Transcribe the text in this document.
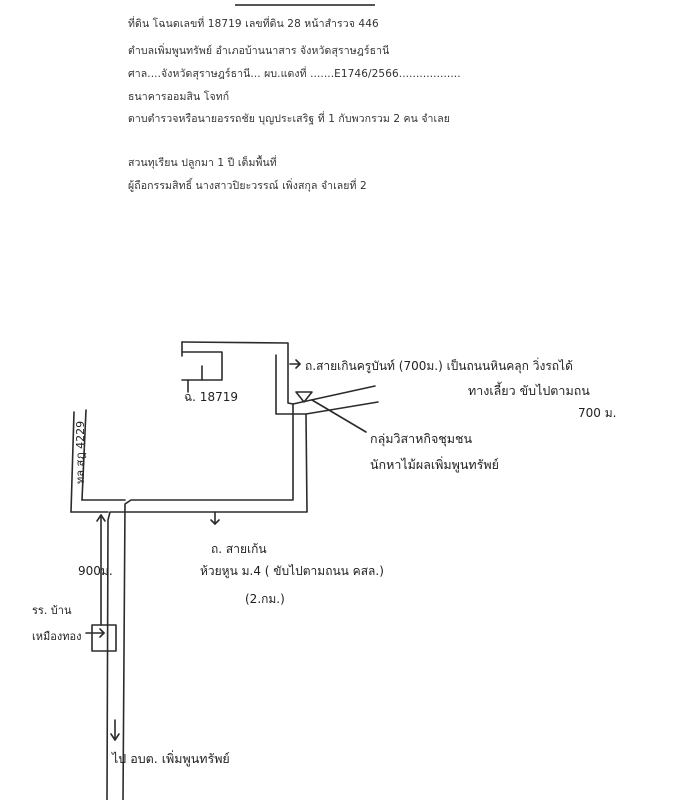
ที่ดิน โฉนดเลขที่ 18719 เลขที่ดิน 28 หน้าสำรวจ 446
ตำบลเพิ่มพูนทรัพย์ อำเภอบ้านนาสาร จังหวัดสุราษฎร์ธานี
ศาล....จังหวัดสุราษฎร์ธานี... ผบ.แดงที่ .......E1746/2566..................
ธนาคารออมสิน โจทก์
ดาบตำรวจหรือนายอรรถชัย บุญประเสริฐ ที่ 1 กับพวกรวม 2 คน จำเลย
สวนทุเรียน ปลูกมา 1 ปี เต็มพื้นที่
ผู้ถือกรรมสิทธิ์ นางสาวปิยะวรรณ์ เพิ่งสกุล จำเลยที่ 2
ฉ. 18719
ถ.สายเกินครูบันท์ (700ม.) เป็นถนนหินคลุก วิ่งรถได้
ทางเลี้ยว ขับไปตามถน
700 ม.
กลุ่มวิสาหกิจชุมชน
นักหาไม้ผลเพิ่มพูนทรัพย์
ทล.สฎ 4229
900ม.
ถ. สายเก้น
ห้วยหูน ม.4 ( ขับไปตามถนน คสล.)
(2.กม.)
รร. บ้าน
เหมืองทอง
ไป อบต. เพิ่มพูนทรัพย์
